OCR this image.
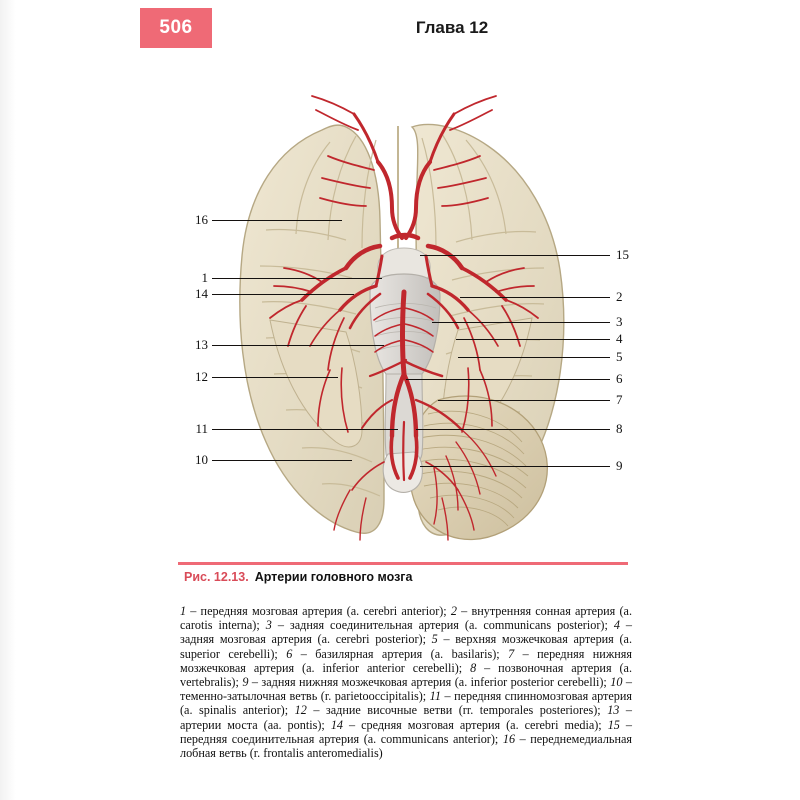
506	Глава 12
16
1
14
13
12
11
10
15
2
3
4
5
6
7
8
9
Рис. 12.13. Артерии головного мозга
1 – передняя мозговая артерия (a. cerebri anterior); 2 – внутренняя сонная артерия (a. carotis interna); 3 – задняя соединительная артерия (a. communicans posterior); 4 – задняя мозговая артерия (a. cerebri posterior); 5 – верхняя мозжечковая артерия (a. superior cerebelli); 6 – базилярная артерия (a. basilaris); 7 – передняя нижняя мозжечковая артерия (a. inferior anterior cerebelli); 8 – позвоночная артерия (a. vertebralis); 9 – задняя нижняя мозжечковая артерия (a. inferior posterior cerebelli); 10 – теменно-затылочная ветвь (r. parietooccipitalis); 11 – передняя спинномозговая артерия (a. spinalis anterior); 12 – задние височные ветви (rr. temporales posteriores); 13 – артерии моста (aa. pontis); 14 – средняя мозговая артерия (a. cerebri media); 15 – передняя соединительная артерия (a. communicans anterior); 16 – переднемедиальная лобная ветвь (r. frontalis anteromedialis)
